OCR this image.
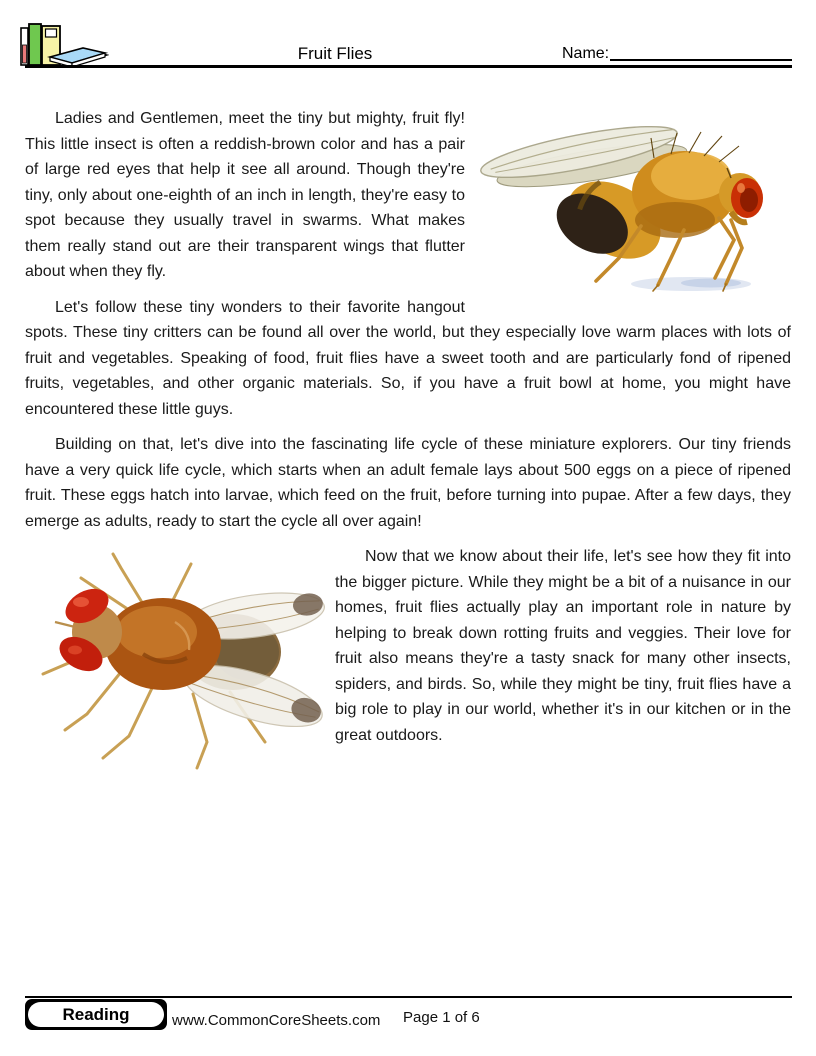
Fruit Flies	Name:

Ladies and Gentlemen, meet the tiny but mighty, fruit fly! This little insect is often a reddish-brown color and has a pair of large red eyes that help it see all around. Though they're tiny, only about one-eighth of an inch in length, they're easy to spot because they usually travel in swarms. What makes them really stand out are their transparent wings that flutter about when they fly.

Let's follow these tiny wonders to their favorite hangout spots. These tiny critters can be found all over the world, but they especially love warm places with lots of fruit and vegetables. Speaking of food, fruit flies have a sweet tooth and are particularly fond of ripened fruits, vegetables, and other organic materials. So, if you have a fruit bowl at home, you might have encountered these little guys.

Building on that, let's dive into the fascinating life cycle of these miniature explorers. Our tiny friends have a very quick life cycle, which starts when an adult female lays about 500 eggs on a piece of ripened fruit. These eggs hatch into larvae, which feed on the fruit, before turning into pupae. After a few days, they emerge as adults, ready to start the cycle all over again!

Now that we know about their life, let's see how they fit into the bigger picture. While they might be a bit of a nuisance in our homes, fruit flies actually play an important role in nature by helping to break down rotting fruits and veggies. Their love for fruit also means they're a tasty snack for many other insects, spiders, and birds. So, while they might be tiny, fruit flies have a big role to play in our world, whether it's in our kitchen or in the great outdoors.

Reading	www.CommonCoreSheets.com Page 1 of 6
